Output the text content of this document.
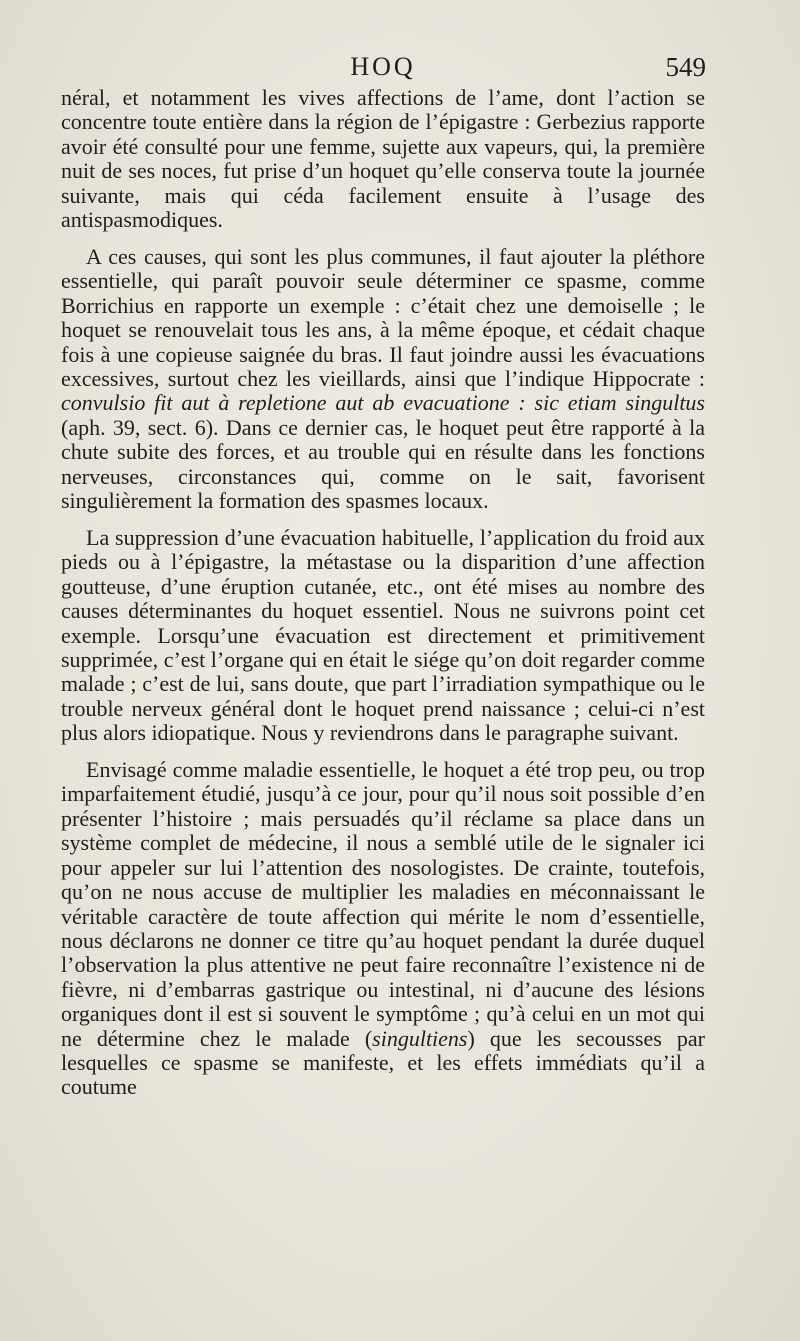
HOQ	549

néral, et notamment les vives affections de l’ame, dont l’action se concentre toute entière dans la région de l’épigastre : Gerbezius rapporte avoir été consulté pour une femme, sujette aux vapeurs, qui, la première nuit de ses noces, fut prise d’un hoquet qu’elle conserva toute la journée suivante, mais qui céda facilement ensuite à l’usage des antispasmodiques.

A ces causes, qui sont les plus communes, il faut ajouter la pléthore essentielle, qui paraît pouvoir seule déterminer ce spasme, comme Borrichius en rapporte un exemple : c’était chez une demoiselle ; le hoquet se renouvelait tous les ans, à la même époque, et cédait chaque fois à une copieuse saignée du bras. Il faut joindre aussi les évacuations excessives, surtout chez les vieillards, ainsi que l’indique Hippocrate : convulsio fit aut à repletione aut ab evacuatione : sic etiam singultus (aph. 39, sect. 6). Dans ce dernier cas, le hoquet peut être rapporté à la chute subite des forces, et au trouble qui en résulte dans les fonctions nerveuses, circonstances qui, comme on le sait, favorisent singulièrement la formation des spasmes locaux.

La suppression d’une évacuation habituelle, l’application du froid aux pieds ou à l’épigastre, la métastase ou la disparition d’une affection goutteuse, d’une éruption cutanée, etc., ont été mises au nombre des causes déterminantes du hoquet essentiel. Nous ne suivrons point cet exemple. Lorsqu’une évacuation est directement et primitivement supprimée, c’est l’organe qui en était le siége qu’on doit regarder comme malade ; c’est de lui, sans doute, que part l’irradiation sympathique ou le trouble nerveux général dont le hoquet prend naissance ; celui-ci n’est plus alors idiopatique. Nous y reviendrons dans le paragraphe suivant.

Envisagé comme maladie essentielle, le hoquet a été trop peu, ou trop imparfaitement étudié, jusqu’à ce jour, pour qu’il nous soit possible d’en présenter l’histoire ; mais persuadés qu’il réclame sa place dans un système complet de médecine, il nous a semblé utile de le signaler ici pour appeler sur lui l’attention des nosologistes. De crainte, toutefois, qu’on ne nous accuse de multiplier les maladies en méconnaissant le véritable caractère de toute affection qui mérite le nom d’essentielle, nous déclarons ne donner ce titre qu’au hoquet pendant la durée duquel l’observation la plus attentive ne peut faire reconnaître l’existence ni de fièvre, ni d’embarras gastrique ou intestinal, ni d’aucune des lésions organiques dont il est si souvent le symptôme ; qu’à celui en un mot qui ne détermine chez le malade (singultiens) que les secousses par lesquelles ce spasme se manifeste, et les effets immédiats qu’il a coutume
